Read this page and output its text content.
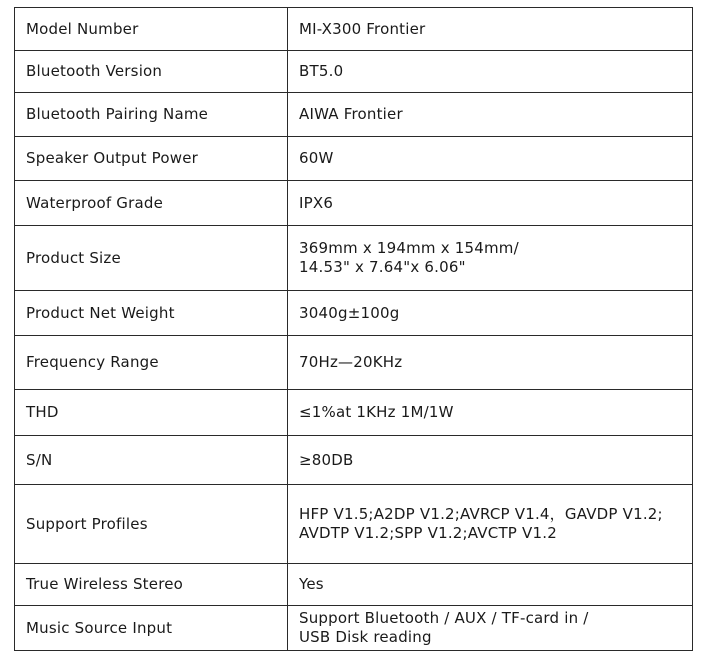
Model Number	MI-X300 Frontier
Bluetooth Version	BT5.0
Bluetooth Pairing Name	AIWA Frontier
Speaker Output Power	60W
Waterproof Grade	IPX6
Product Size	369mm x 194mm x 154mm/
14.53" x 7.64"x 6.06"
Product Net Weight	3040g±100g
Frequency Range	70Hz—20KHz
THD	≤1%at 1KHz 1M/1W
S/N	≥80DB
Support Profiles	HFP V1.5;A2DP V1.2;AVRCP V1.4，GAVDP V1.2;
AVDTP V1.2;SPP V1.2;AVCTP V1.2
True Wireless Stereo	Yes
Music Source Input	Support Bluetooth / AUX / TF-card in /
USB Disk reading
